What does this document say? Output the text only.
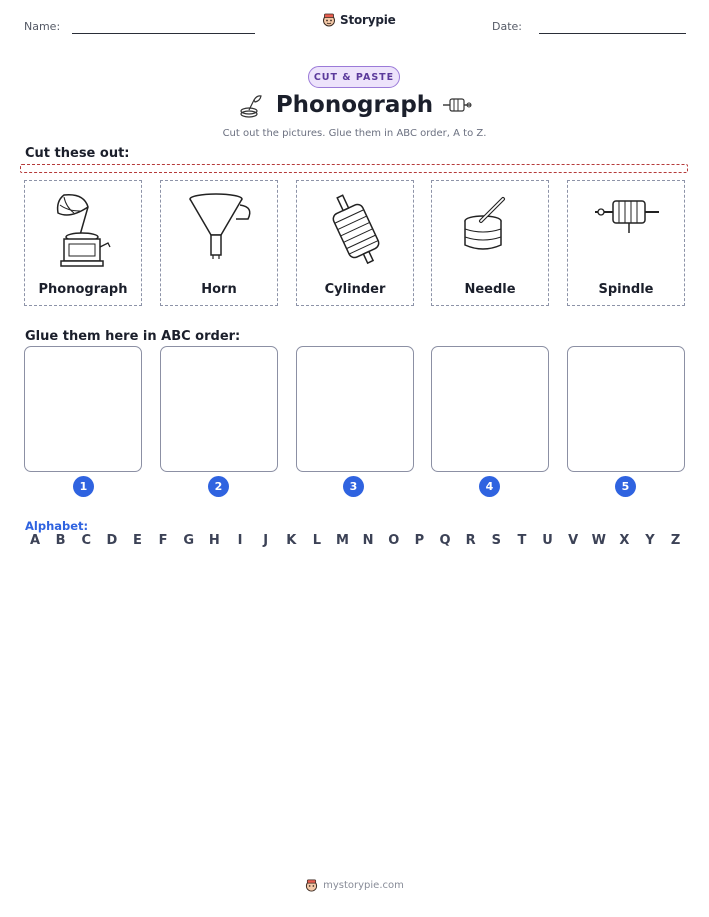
Name:	Storypie	Date:
CUT & PASTE
Phonograph
Cut out the pictures. Glue them in ABC order, A to Z.
Cut these out:
Phonograph	Horn	Cylinder	Needle	Spindle
Glue them here in ABC order:
1	2	3	4	5
Alphabet:
A B C D E F G H	I	J	K L M N O P Q R S T U V W X Y Z
mystorypie.com
